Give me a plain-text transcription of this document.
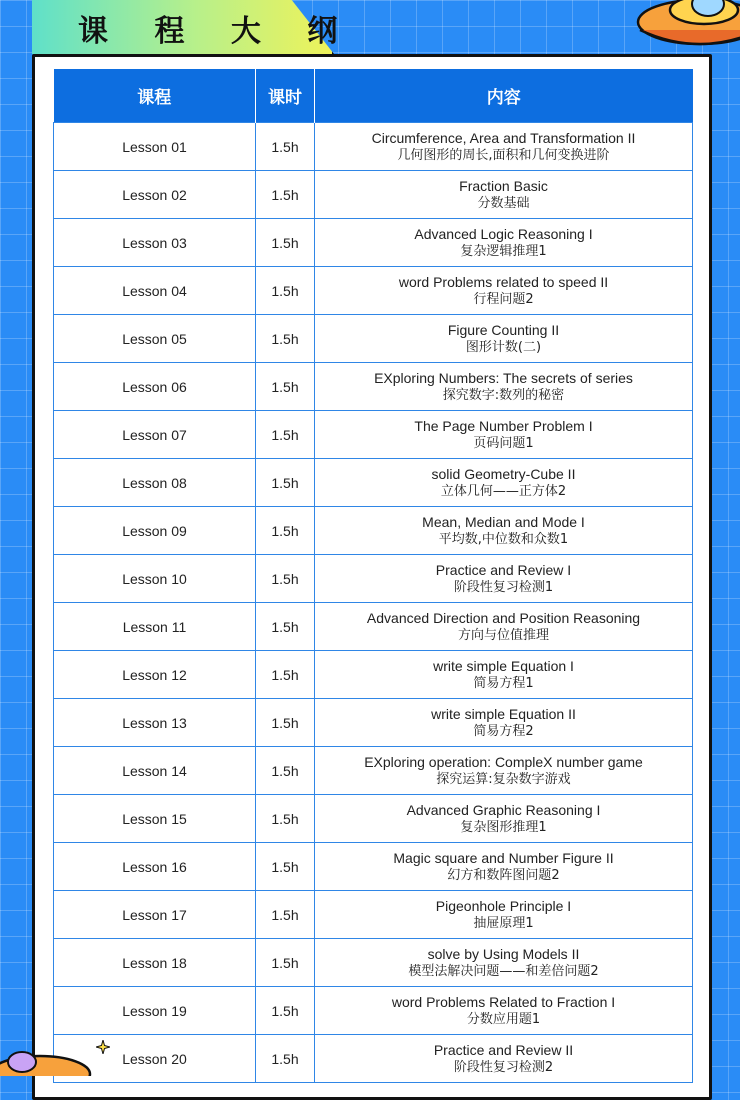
课 程 大 纲
课程	课时	内容
Lesson 01	1.5h	Circumference, Area and Transformation II
几何图形的周长,面积和几何变换进阶

Lesson 02	1.5h	Fraction Basic
分数基础

Lesson 03	1.5h	Advanced Logic Reasoning I
复杂逻辑推理1

Lesson 04	1.5h	word Problems related to speed II
行程问题2

Lesson 05	1.5h	Figure Counting II
图形计数(二)

Lesson 06	1.5h	EXploring Numbers: The secrets of series
探究数字:数列的秘密

Lesson 07	1.5h	The Page Number Problem I
页码问题1

Lesson 08	1.5h	solid Geometry-Cube II
立体几何——正方体2

Lesson 09	1.5h	Mean, Median and Mode I
平均数,中位数和众数1

Lesson 10	1.5h	Practice and Review I
阶段性复习检测1

Lesson 11	1.5h	Advanced Direction and Position Reasoning
方向与位值推理

Lesson 12	1.5h	write simple Equation I
简易方程1

Lesson 13	1.5h	write simple Equation II
简易方程2

Lesson 14	1.5h	EXploring operation: CompleX number game
探究运算:复杂数字游戏

Lesson 15	1.5h	Advanced Graphic Reasoning I
复杂图形推理1

Lesson 16	1.5h	Magic square and Number Figure II
幻方和数阵图问题2

Lesson 17	1.5h	Pigeonhole Principle I
抽屉原理1

Lesson 18	1.5h	solve by Using Models II
模型法解决问题——和差倍问题2

Lesson 19	1.5h	word Problems Related to Fraction I
分数应用题1

Lesson 20	1.5h	Practice and Review II
阶段性复习检测2
